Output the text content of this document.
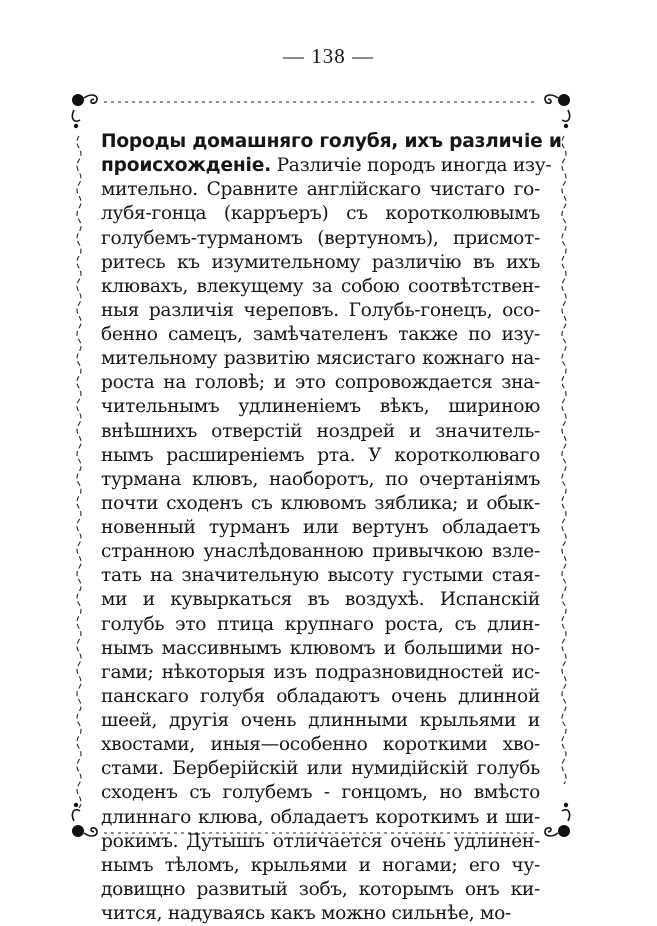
— 138 —
Породы домашняго голубя, ихъ различіе и
происхожденіе. Различіе породъ иногда изу-
мительно. Сравните англійскаго чистаго го-
лубя-гонца (карръеръ) съ коротколювымъ
голубемъ-турманомъ (вертуномъ), присмот-
ритесь къ изумительному различію въ ихъ
клювахъ, влекущему за собою соотвѣтствен-
ныя различія череповъ. Голубь-гонецъ, осо-
бенно самецъ, замѣчателенъ также по изу-
мительному развитію мясистаго кожнаго на-
роста на головѣ; и это сопровождается зна-
чительнымъ удлиненіемъ вѣкъ, шириною
внѣшнихъ отверстій ноздрей и значитель-
нымъ расширеніемъ рта. У коротколюваго
турмана клювъ, наоборотъ, по очертаніямъ
почти сходенъ съ клювомъ зяблика; и обык-
новенный турманъ или вертунъ обладаетъ
странною унаслѣдованною привычкою взле-
тать на значительную высоту густыми стая-
ми и кувыркаться въ воздухѣ. Испанскій
голубь это птица крупнаго роста, съ длин-
нымъ массивнымъ клювомъ и большими но-
гами; нѣкоторыя изъ подразновидностей ис-
панскаго голубя обладаютъ очень длинной
шеей, другія очень длинными крыльями и
хвостами, иныя—особенно короткими хво-
стами. Берберійскій или нумидійскій голубь
сходенъ съ голубемъ - гонцомъ, но вмѣсто
длиннаго клюва, обладаетъ короткимъ и ши-
рокимъ. Дутышъ отличается очень удлинен-
нымъ тѣломъ, крыльями и ногами; его чу-
довищно развитый зобъ, которымъ онъ ки-
чится, надуваясь какъ можно сильнѣе, мо-
